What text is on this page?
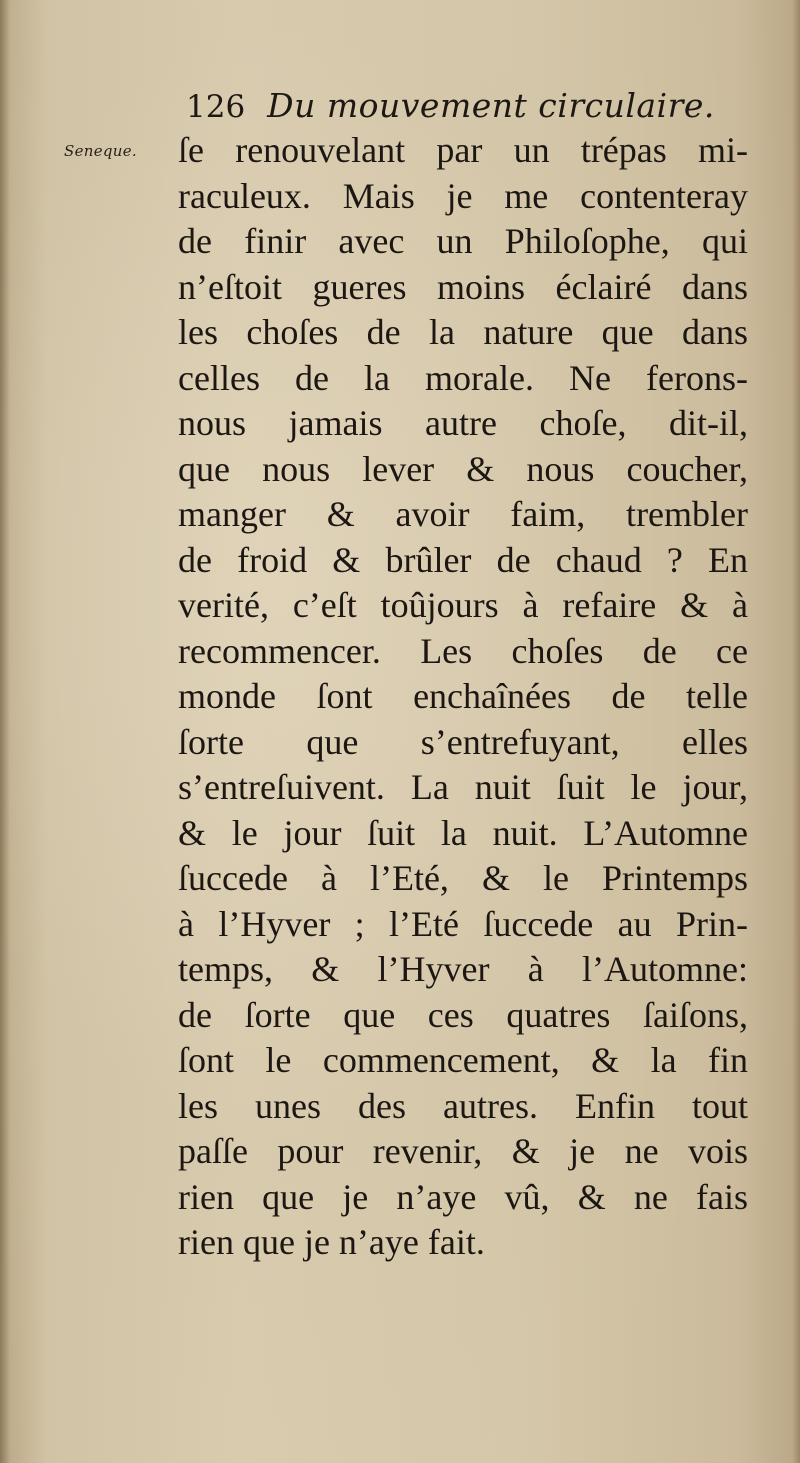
126 Du mouvement circulaire.
Seneque. ſe renouvelant par un trépas mi-
raculeux. Mais je me contenteray
de finir avec un Philoſophe, qui
n’eſtoit gueres moins éclairé dans
les choſes de la nature que dans
celles de la morale. Ne ferons-
nous jamais autre choſe, dit-il,
que nous lever & nous coucher,
manger & avoir faim, trembler
de froid & brûler de chaud ? En
verité, c’eſt toûjours à refaire & à
recommencer. Les choſes de ce
monde ſont enchaînées de telle
ſorte que s’entrefuyant, elles
s’entreſuivent. La nuit ſuit le jour,
& le jour ſuit la nuit. L’Automne
ſuccede à l’Eté, & le Printemps
à l’Hyver ; l’Eté ſuccede au Prin-
temps, & l’Hyver à l’Automne:
de ſorte que ces quatres ſaiſons,
ſont le commencement, & la fin
les unes des autres. Enfin tout
paſſe pour revenir, & je ne vois
rien que je n’aye vû, & ne fais
rien que je n’aye fait.
